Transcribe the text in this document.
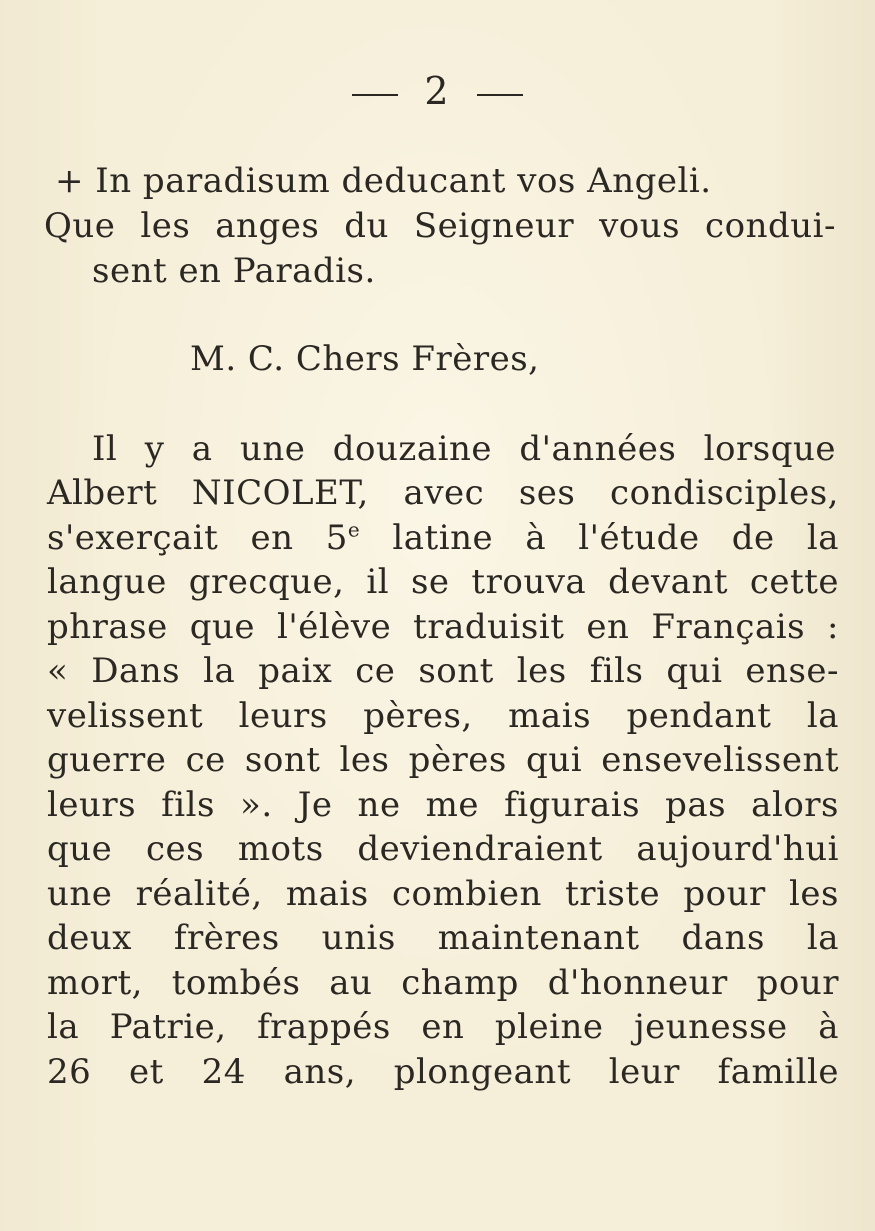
2
+ In paradisum deducant vos Angeli.
Que les anges du Seigneur vous condui-
sent en Paradis.
M. C. Chers Frères,
Il y a une douzaine d'années lorsque
Albert NICOLET, avec ses condisciples,
s'exerçait en 5e latine à l'étude de la
langue grecque, il se trouva devant cette
phrase que l'élève traduisit en Français :
« Dans la paix ce sont les fils qui ense-
velissent leurs pères, mais pendant la
guerre ce sont les pères qui ensevelissent
leurs fils ». Je ne me figurais pas alors
que ces mots deviendraient aujourd'hui
une réalité, mais combien triste pour les
deux frères unis maintenant dans la
mort, tombés au champ d'honneur pour
la Patrie, frappés en pleine jeunesse à
26 et 24 ans, plongeant leur famille
